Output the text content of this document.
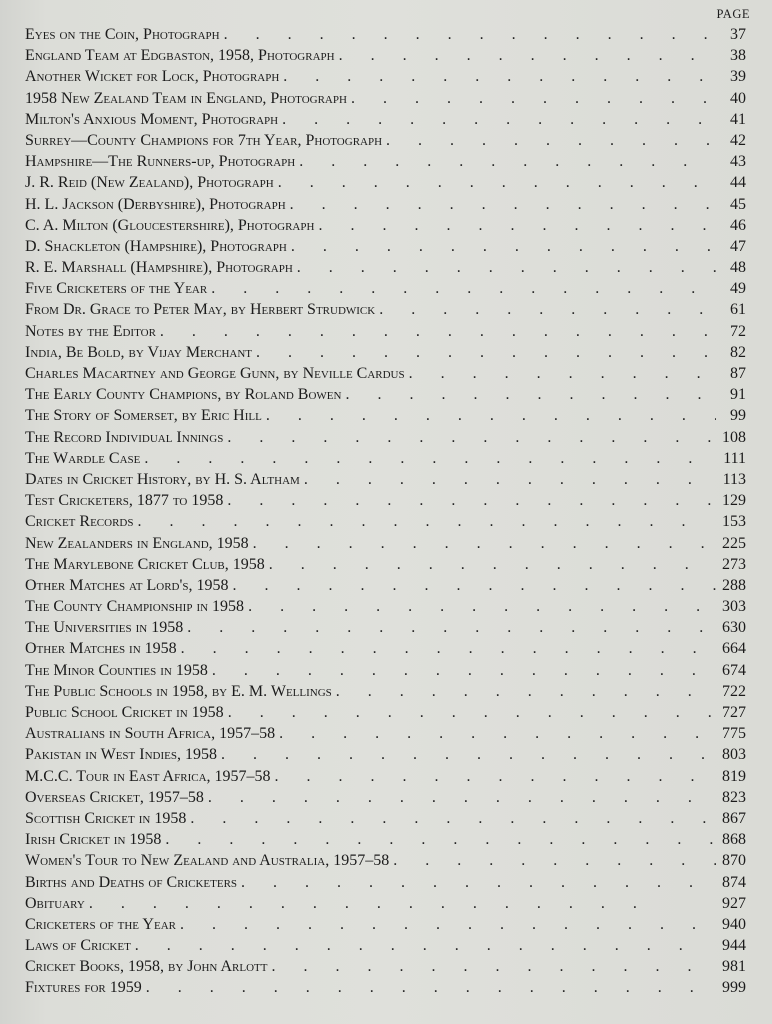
PAGE
Eyes on the Coin, Photograph .	37
England Team at Edgbaston, 1958, Photograph .	38
Another Wicket for Lock, Photograph .	39
1958 New Zealand Team in England, Photograph .	40
Milton's Anxious Moment, Photograph .	41
Surrey—County Champions for 7th Year, Photograph .	42
Hampshire—The Runners-up, Photograph .	43
J. R. Reid (New Zealand), Photograph .	44
H. L. Jackson (Derbyshire), Photograph .	45
C. A. Milton (Gloucestershire), Photograph .	46
D. Shackleton (Hampshire), Photograph .	47
R. E. Marshall (Hampshire), Photograph .	48
Five Cricketers of the Year .	49
From Dr. Grace to Peter May, by Herbert Strudwick .	61
Notes by the Editor .	72
India, Be Bold, by Vijay Merchant .	82
Charles Macartney and George Gunn, by Neville Cardus .	87
The Early County Champions, by Roland Bowen .	91
The Story of Somerset, by Eric Hill .	99
The Record Individual Innings .	108
The Wardle Case .	111
Dates in Cricket History, by H. S. Altham .	113
Test Cricketers, 1877 to 1958 .	129
Cricket Records .	153
New Zealanders in England, 1958 .	225
The Marylebone Cricket Club, 1958 .	273
Other Matches at Lord's, 1958 .	288
The County Championship in 1958 .	303
The Universities in 1958 .	630
Other Matches in 1958 .	664
The Minor Counties in 1958 .	674
The Public Schools in 1958, by E. M. Wellings .	722
Public School Cricket in 1958 .	727
Australians in South Africa, 1957–58 .	775
Pakistan in West Indies, 1958 .	803
M.C.C. Tour in East Africa, 1957–58 .	819
Overseas Cricket, 1957–58 .	823
Scottish Cricket in 1958 .	867
Irish Cricket in 1958 .	868
Women's Tour to New Zealand and Australia, 1957–58 .	870
Births and Deaths of Cricketers .	874
Obituary .	927
Cricketers of the Year .	940
Laws of Cricket .	944
Cricket Books, 1958, by John Arlott .	981
Fixtures for 1959 .	999
